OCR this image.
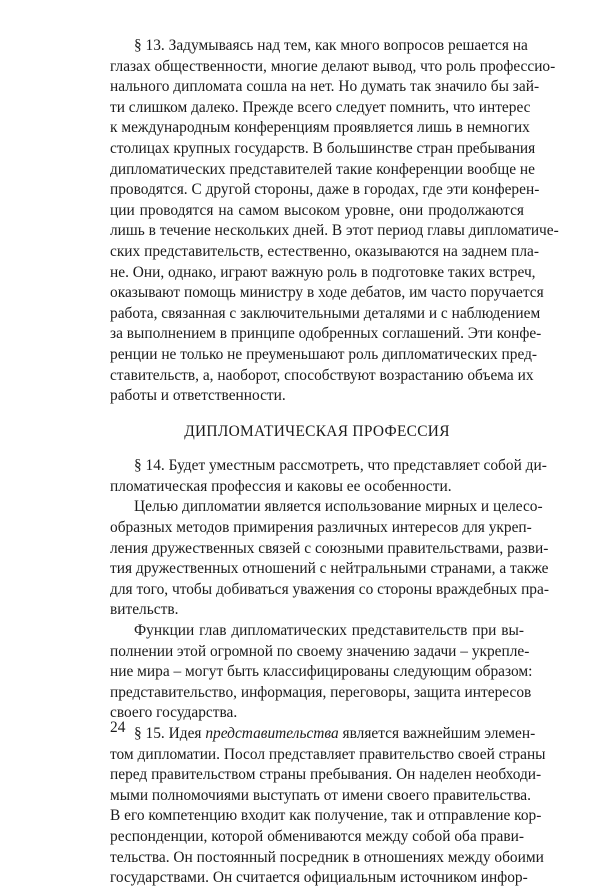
§ 13. Задумываясь над тем, как много вопросов решается на
глазах общественности, многие делают вывод, что роль профессио-
нального дипломата сошла на нет. Но думать так значило бы зай-
ти слишком далеко. Прежде всего следует помнить, что интерес
к международным конференциям проявляется лишь в немногих
столицах крупных государств. В большинстве стран пребывания
дипломатических представителей такие конференции вообще не
проводятся. С другой стороны, даже в городах, где эти конферен-
ции проводятся на самом высоком уровне, они продолжаются
лишь в течение нескольких дней. В этот период главы дипломатиче-
ских представительств, естественно, оказываются на заднем пла-
не. Они, однако, играют важную роль в подготовке таких встреч,
оказывают помощь министру в ходе дебатов, им часто поручается
работа, связанная с заключительными деталями и с наблюдением
за выполнением в принципе одобренных соглашений. Эти конфе-
ренции не только не преуменьшают роль дипломатических пред-
ставительств, а, наоборот, способствуют возрастанию объема их
работы и ответственности.
ДИПЛОМАТИЧЕСКАЯ ПРОФЕССИЯ
§ 14. Будет уместным рассмотреть, что представляет собой ди-
пломатическая профессия и каковы ее особенности.
Целью дипломатии является использование мирных и целесо-
образных методов примирения различных интересов для укреп-
ления дружественных связей с союзными правительствами, разви-
тия дружественных отношений с нейтральными странами, а также
для того, чтобы добиваться уважения со стороны враждебных пра-
вительств.
Функции глав дипломатических представительств при вы-
полнении этой огромной по своему значению задачи – укрепле-
ние мира – могут быть классифицированы следующим образом:
представительство, информация, переговоры, защита интересов
своего государства.
§ 15. Идея представительства является важнейшим элемен-
том дипломатии. Посол представляет правительство своей страны
перед правительством страны пребывания. Он наделен необходи-
мыми полномочиями выступать от имени своего правительства.
В его компетенцию входит как получение, так и отправление кор-
респонденции, которой обмениваются между собой оба прави-
тельства. Он постоянный посредник в отношениях между обоими
государствами. Он считается официальным источником инфор-
24
